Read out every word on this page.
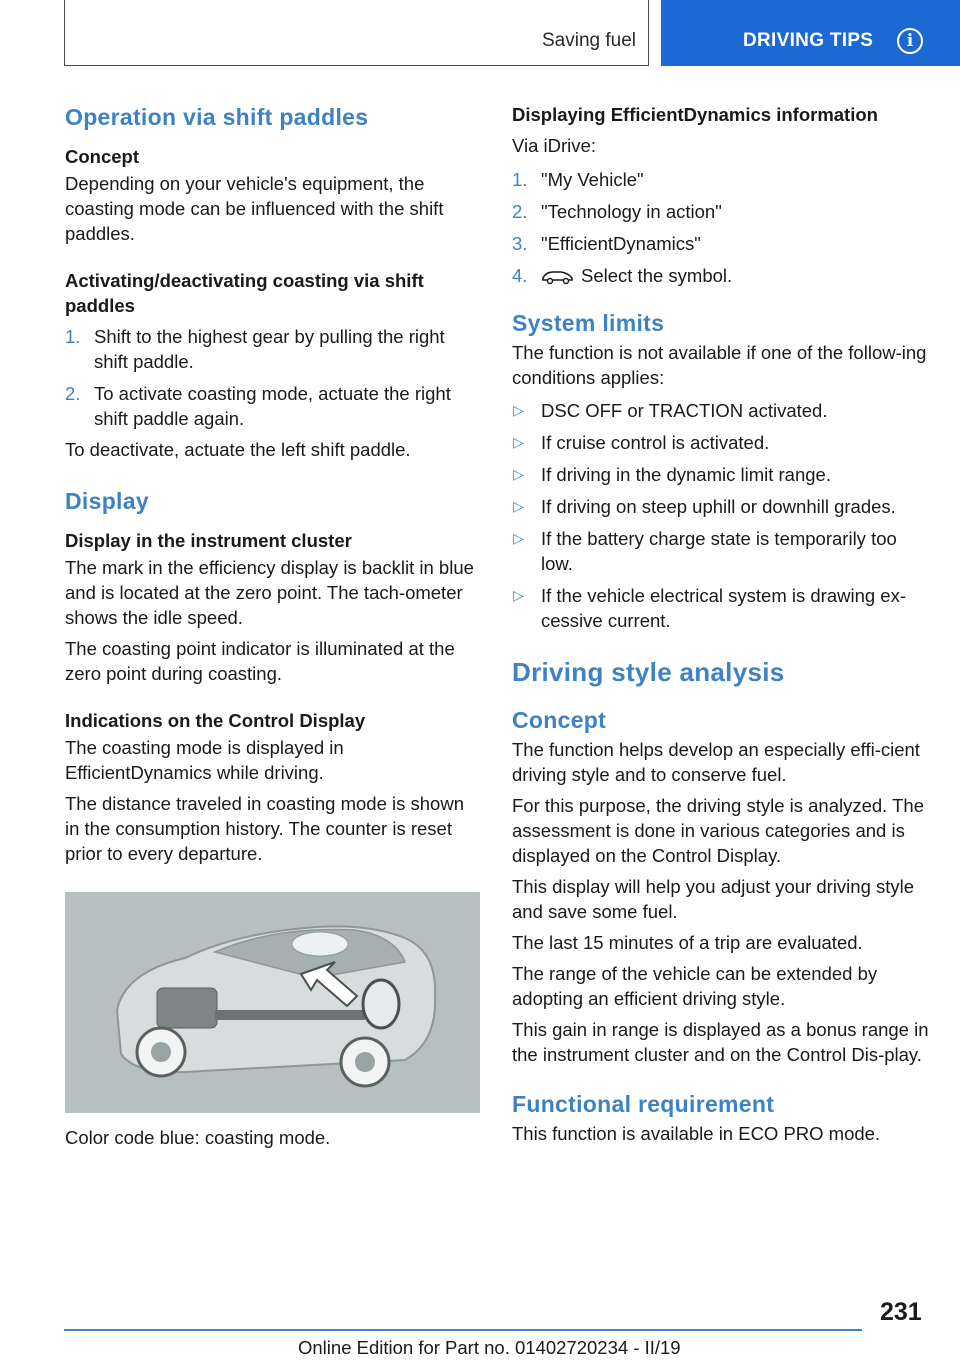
Saving fuel	DRIVING TIPS	i
Operation via shift paddles
Concept
Depending on your vehicle's equipment, the coasting mode can be influenced with the shift paddles.
Activating/deactivating coasting via shift paddles
1. Shift to the highest gear by pulling the right shift paddle.
2. To activate coasting mode, actuate the right shift paddle again.
To deactivate, actuate the left shift paddle.
Display
Display in the instrument cluster
The mark in the efficiency display is backlit in blue and is located at the zero point. The tach-ometer shows the idle speed.
The coasting point indicator is illuminated at the zero point during coasting.
Indications on the Control Display
The coasting mode is displayed in EfficientDynamics while driving.
The distance traveled in coasting mode is shown in the consumption history. The counter is reset prior to every departure.
Color code blue: coasting mode.
Displaying EfficientDynamics information
Via iDrive:
1. "My Vehicle"
2. "Technology in action"
3. "EfficientDynamics"
4.	Select the symbol.
System limits
The function is not available if one of the follow-ing conditions applies:
▷ DSC OFF or TRACTION activated.
▷ If cruise control is activated.
▷ If driving in the dynamic limit range.
▷ If driving on steep uphill or downhill grades.
▷ If the battery charge state is temporarily too low.
▷ If the vehicle electrical system is drawing ex-cessive current.
Driving style analysis
Concept
The function helps develop an especially effi-cient driving style and to conserve fuel.
For this purpose, the driving style is analyzed. The assessment is done in various categories and is displayed on the Control Display.
This display will help you adjust your driving style and save some fuel.
The last 15 minutes of a trip are evaluated.
The range of the vehicle can be extended by adopting an efficient driving style.
This gain in range is displayed as a bonus range in the instrument cluster and on the Control Dis-play.
Functional requirement
This function is available in ECO PRO mode.
231
Online Edition for Part no. 01402720234 - II/19
